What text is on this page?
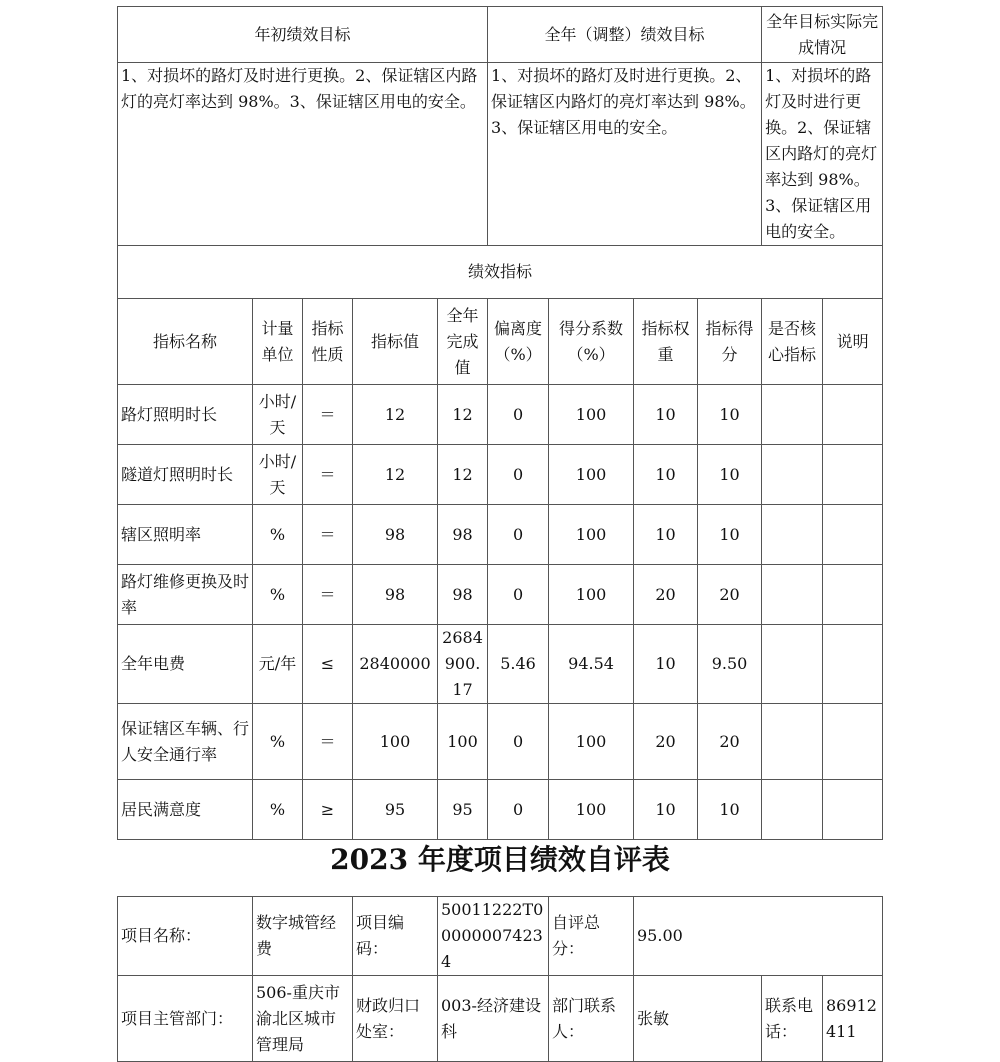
年初绩效目标					全年（调整）绩效目标				全年目标实际完成情况	
1、对损坏的路灯及时进行更换。2、保证辖区内路灯的亮灯率达到 98%。3、保证辖区用电的安全。					1、对损坏的路灯及时进行更换。2、保证辖区内路灯的亮灯率达到 98%。3、保证辖区用电的安全。				1、对损坏的路灯及时进行更换。2、保证辖区内路灯的亮灯率达到 98%。3、保证辖区用电的安全。	
绩效指标										
指标名称	计量单位	指标性质	指标值	全年完成值	偏离度（%）	得分系数（%）	指标权重	指标得分	是否核心指标	说明
路灯照明时长	小时/天	＝	12	12	0	100	10	10		
隧道灯照明时长	小时/天	＝	12	12	0	100	10	10		
辖区照明率	%	＝	98	98	0	100	10	10		
路灯维修更换及时率	%	＝	98	98	0	100	20	20		
全年电费	元/年	≤	2840000	2684900.17	5.46	94.54	10	9.50		
保证辖区车辆、行人安全通行率	%	＝	100	100	0	100	20	20		
居民满意度	%	≥	95	95	0	100	10	10		
2023 年度项目绩效自评表
项目名称：	数字城管经费	项目编码：	50011222T000000074234	自评总分：	95.00		
项目主管部门：	506-重庆市渝北区城市管理局	财政归口处室：	003-经济建设科	部门联系人：	张敏	联系电话：	86912411
